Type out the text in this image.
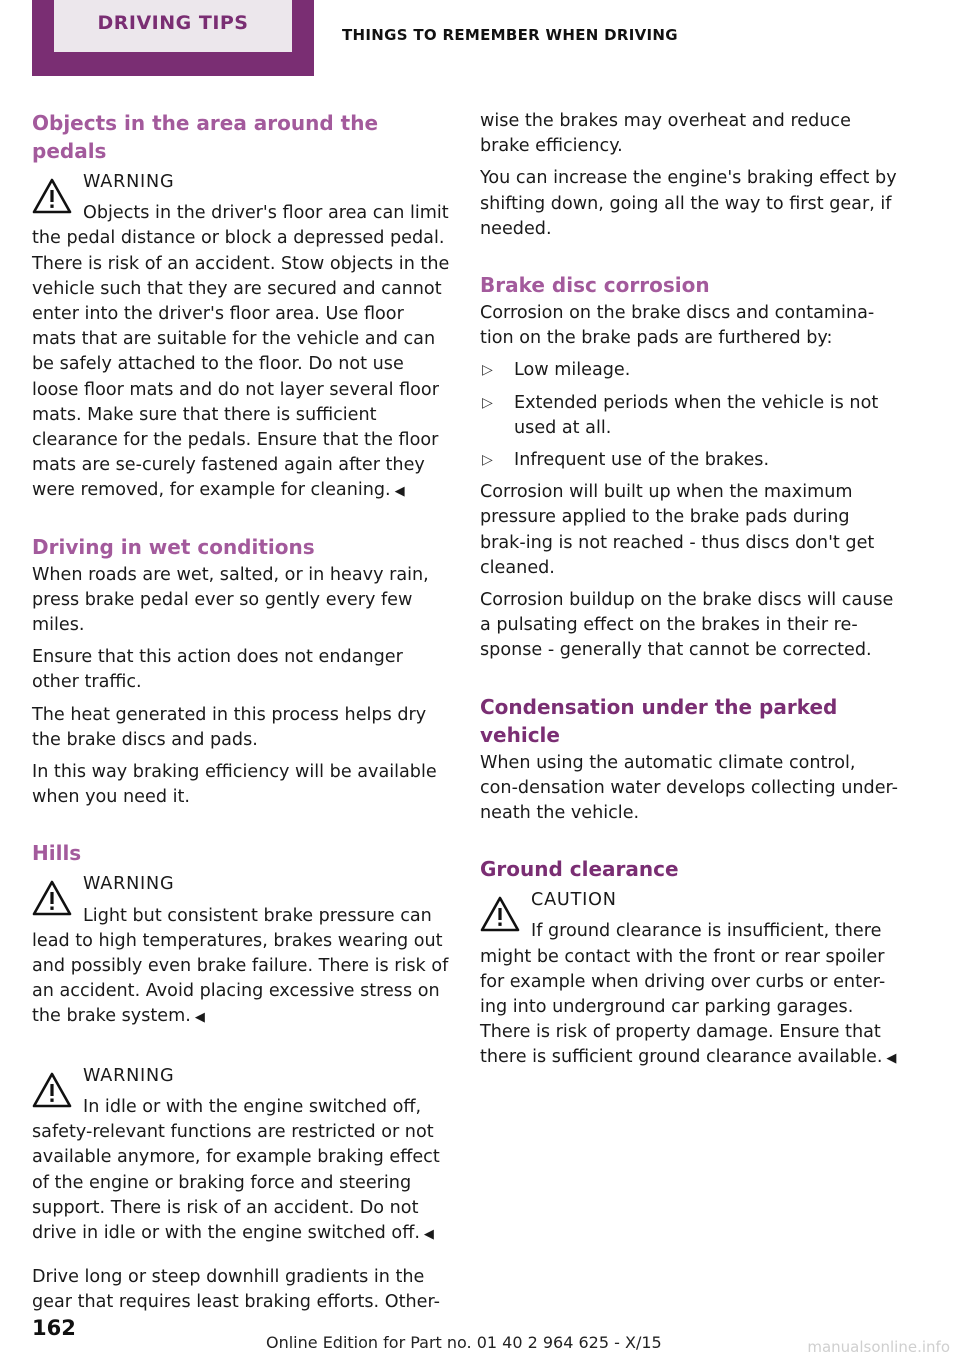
DRIVING TIPS
THINGS TO REMEMBER WHEN DRIVING
Objects in the area around the pedals
WARNING

Objects in the driver's floor area can limit the pedal distance or block a depressed pedal. There is risk of an accident. Stow objects in the vehicle such that they are secured and cannot enter into the driver's floor area. Use floor mats that are suitable for the vehicle and can be safely attached to the floor. Do not use loose floor mats and do not layer several floor mats. Make sure that there is sufficient clearance for the pedals. Ensure that the floor mats are se-curely fastened again after they were removed, for example for cleaning. ◀

Driving in wet conditions

When roads are wet, salted, or in heavy rain, press brake pedal ever so gently every few miles.

Ensure that this action does not endanger other traffic.

The heat generated in this process helps dry the brake discs and pads.

In this way braking efficiency will be available when you need it.

Hills
WARNING

Light but consistent brake pressure can lead to high temperatures, brakes wearing out and possibly even brake failure. There is risk of an accident. Avoid placing excessive stress on the brake system. ◀

WARNING

In idle or with the engine switched off, safety-relevant functions are restricted or not available anymore, for example braking effect of the engine or braking force and steering support. There is risk of an accident. Do not drive in idle or with the engine switched off. ◀

Drive long or steep downhill gradients in the gear that requires least braking efforts. Other-

wise the brakes may overheat and reduce brake efficiency.

You can increase the engine's braking effect by shifting down, going all the way to first gear, if needed.

Brake disc corrosion

Corrosion on the brake discs and contamina-tion on the brake pads are furthered by:

▷ Low mileage.
▷ Extended periods when the vehicle is not used at all.
▷ Infrequent use of the brakes.

Corrosion will built up when the maximum pressure applied to the brake pads during brak-ing is not reached - thus discs don't get cleaned.

Corrosion buildup on the brake discs will cause a pulsating effect on the brakes in their re-sponse - generally that cannot be corrected.

Condensation under the parked vehicle

When using the automatic climate control, con-densation water develops collecting under-neath the vehicle.

Ground clearance
CAUTION

If ground clearance is insufficient, there might be contact with the front or rear spoiler for example when driving over curbs or enter-ing into underground car parking garages. There is risk of property damage. Ensure that there is sufficient ground clearance available. ◀

162
Online Edition for Part no. 01 40 2 964 625 - X/15	manualsonline.info
